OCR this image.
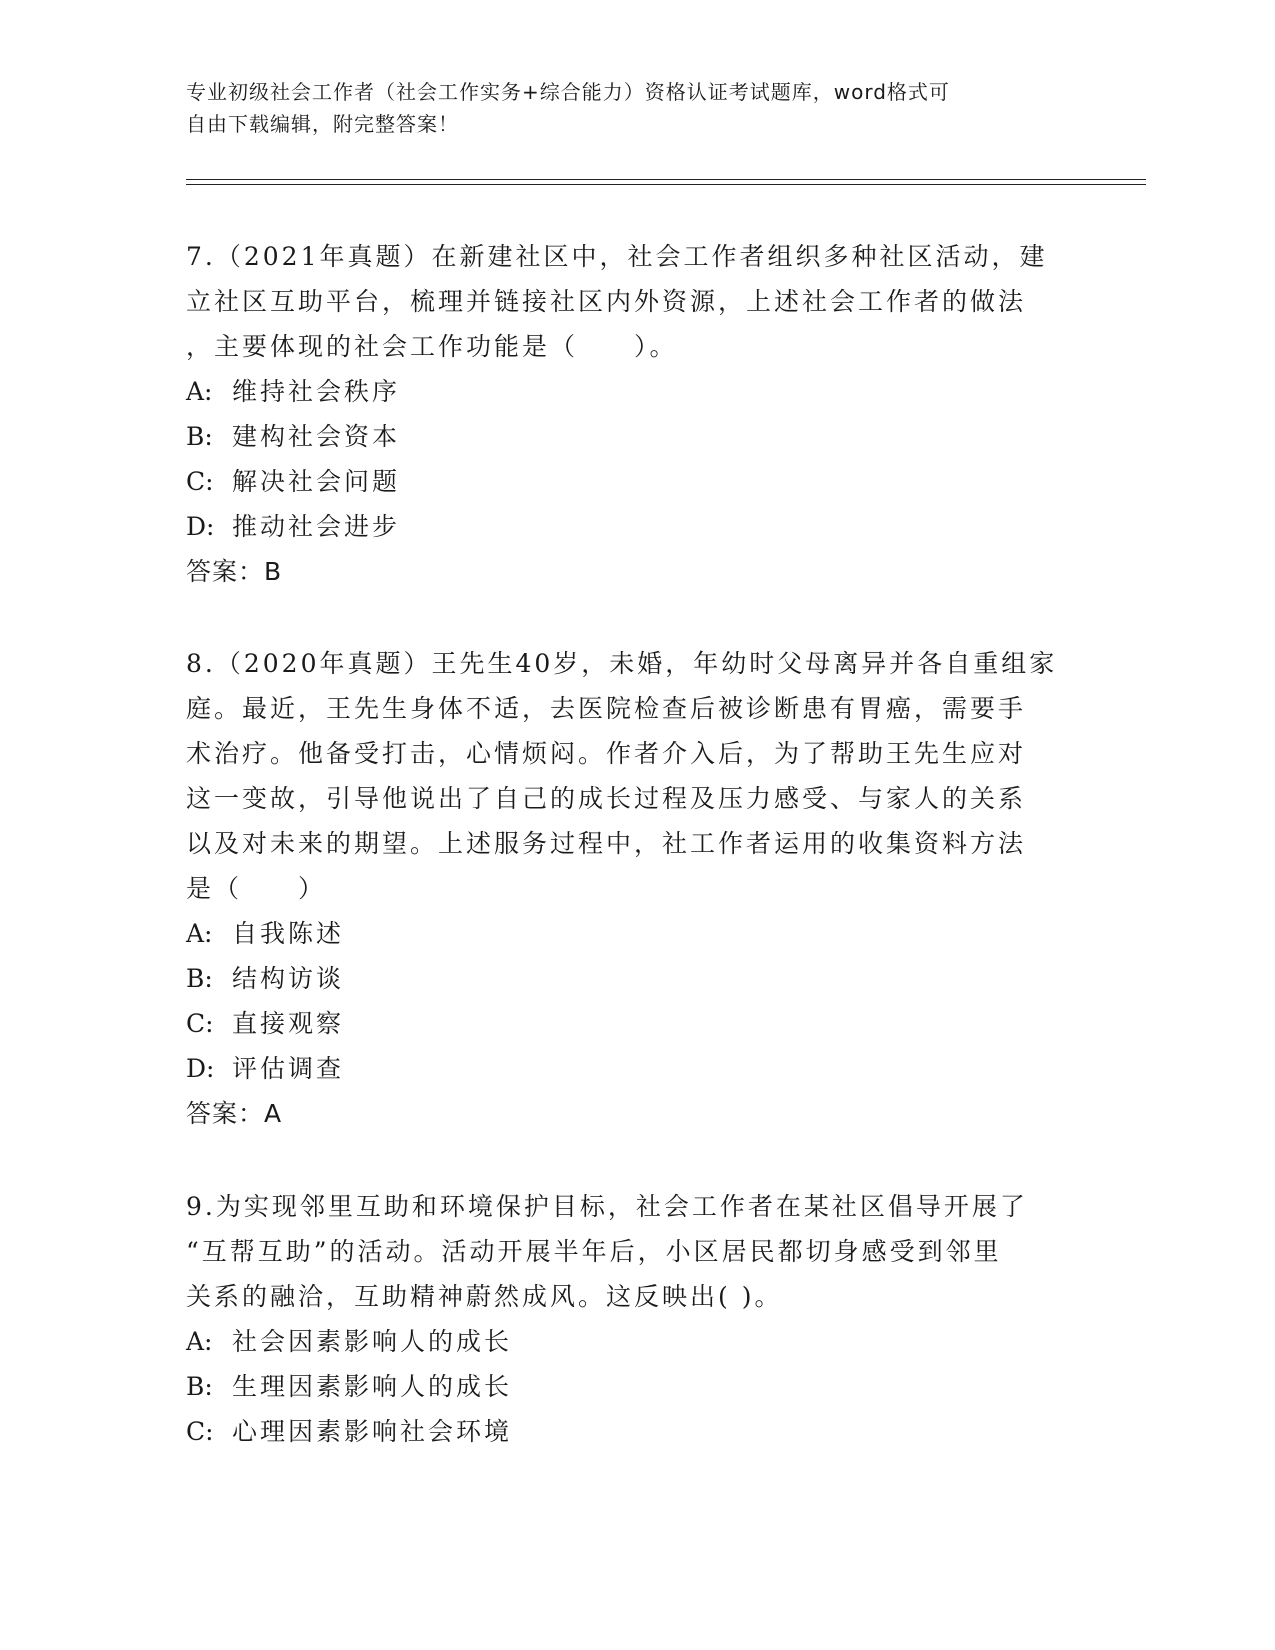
专业初级社会工作者（社会工作实务+综合能力）资格认证考试题库，word格式可
自由下载编辑，附完整答案！
7.（2021年真题）在新建社区中，社会工作者组织多种社区活动，建
立社区互助平台，梳理并链接社区内外资源，上述社会工作者的做法
，主要体现的社会工作功能是（　　）。
A: 维持社会秩序
B: 建构社会资本
C: 解决社会问题
D: 推动社会进步
答案：B
8.（2020年真题）王先生40岁，未婚，年幼时父母离异并各自重组家
庭。最近，王先生身体不适，去医院检查后被诊断患有胃癌，需要手
术治疗。他备受打击，心情烦闷。作者介入后，为了帮助王先生应对
这一变故，引导他说出了自己的成长过程及压力感受、与家人的关系
以及对未来的期望。上述服务过程中，社工作者运用的收集资料方法
是（　　）
A: 自我陈述
B: 结构访谈
C: 直接观察
D: 评估调查
答案：A
9.为实现邻里互助和环境保护目标，社会工作者在某社区倡导开展了
“互帮互助”的活动。活动开展半年后，小区居民都切身感受到邻里
关系的融洽，互助精神蔚然成风。这反映出( )。
A: 社会因素影响人的成长
B: 生理因素影响人的成长
C: 心理因素影响社会环境
